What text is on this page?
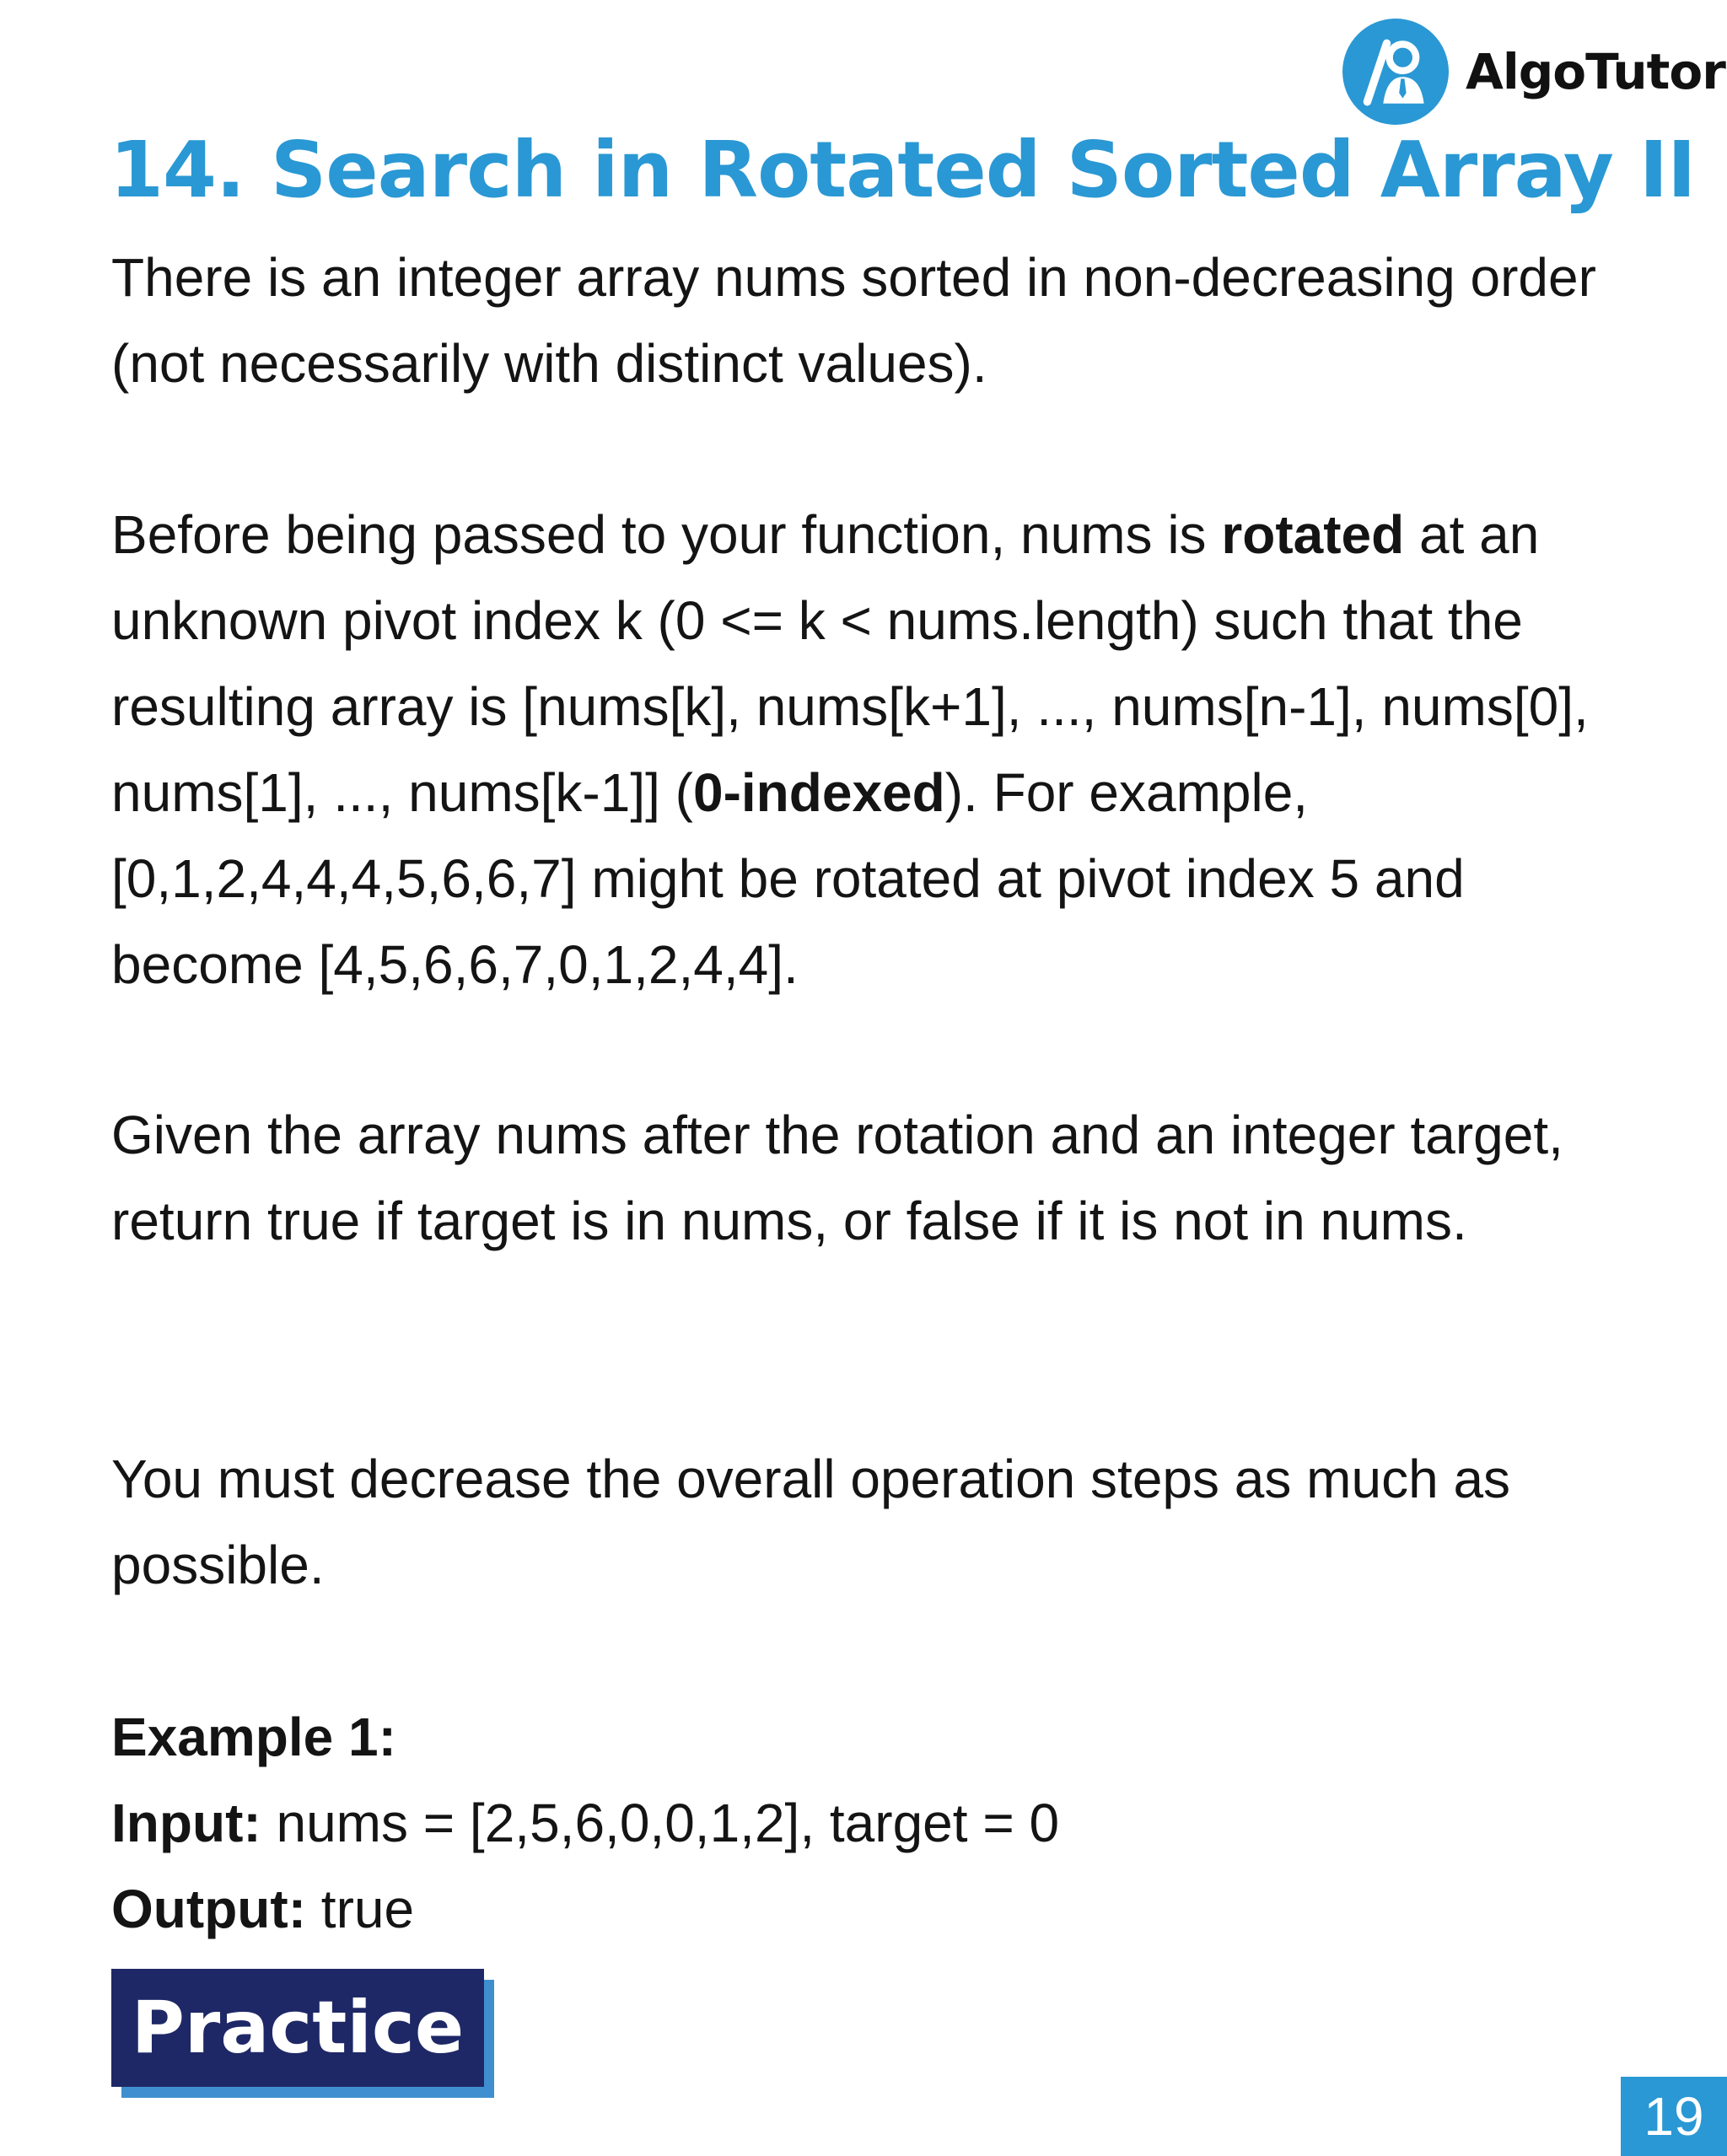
AlgoTutor
14. Search in Rotated Sorted Array II

There is an integer array nums sorted in non-decreasing order (not necessarily with distinct values).

Before being passed to your function, nums is rotated at an unknown pivot index k (0 <= k < nums.length) such that the resulting array is [nums[k], nums[k+1], ..., nums[n-1], nums[0], nums[1], ..., nums[k-1]] (0-indexed). For example, [0,1,2,4,4,4,5,6,6,7] might be rotated at pivot index 5 and become [4,5,6,6,7,0,1,2,4,4].

Given the array nums after the rotation and an integer target, return true if target is in nums, or false if it is not in nums.

You must decrease the overall operation steps as much as possible.

Example 1:

Input: nums = [2,5,6,0,0,1,2], target = 0

Output: true

Practice
19
